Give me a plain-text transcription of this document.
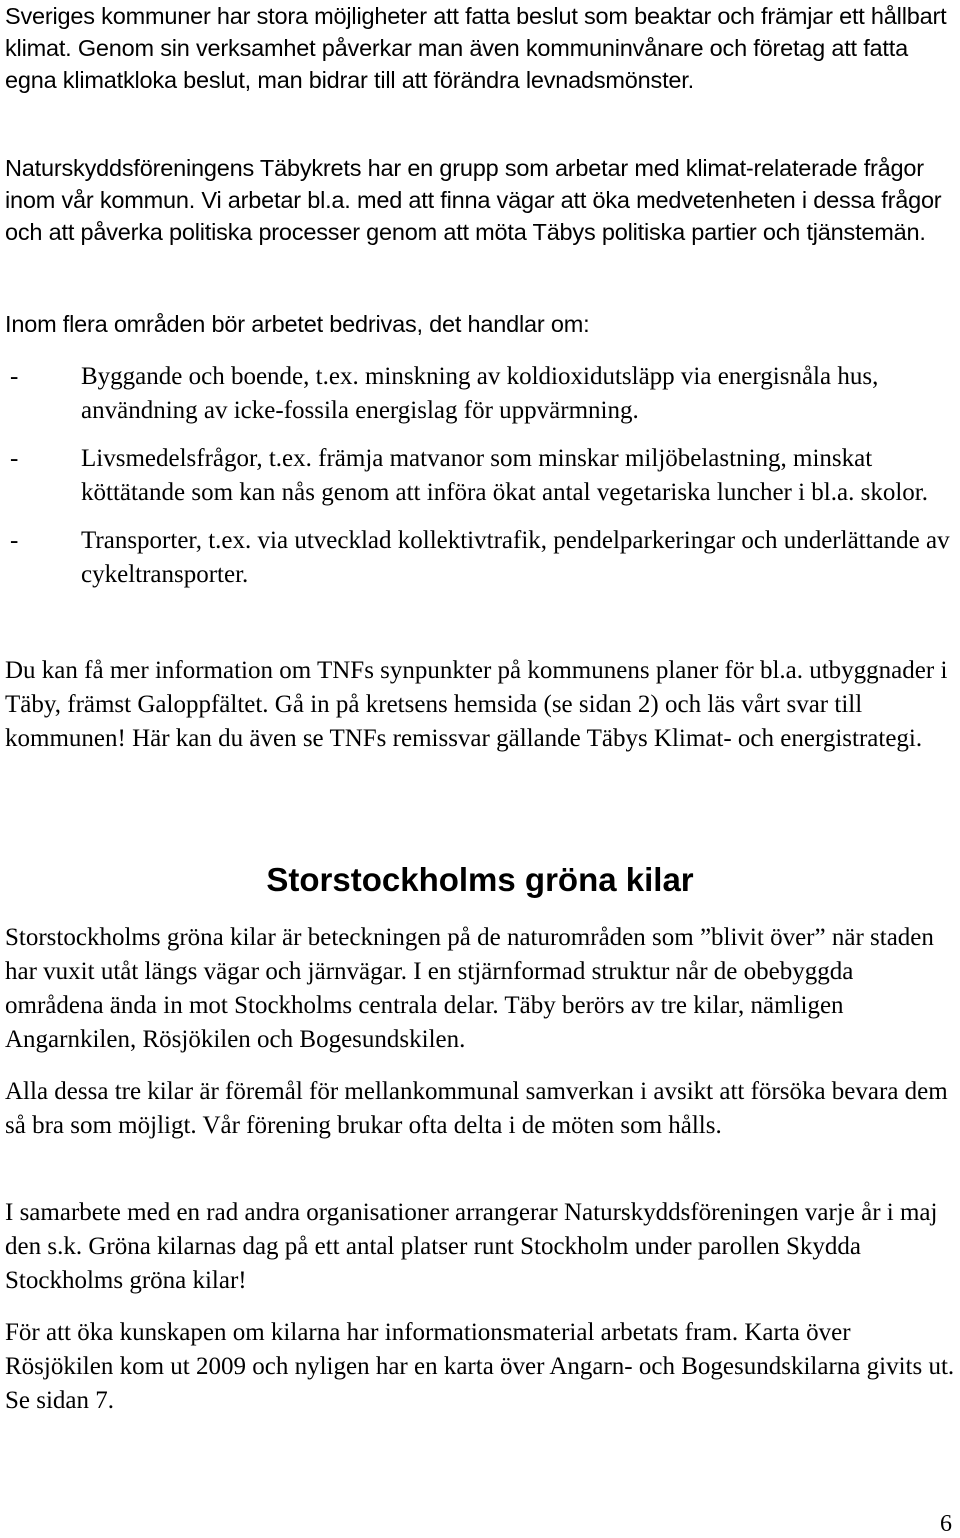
Sveriges kommuner har stora möjligheter att fatta beslut som beaktar och främjar ett hållbart klimat. Genom sin verksamhet påverkar man även kommuninvånare och företag att fatta egna klimatkloka beslut, man bidrar till att förändra levnadsmönster.

Naturskyddsföreningens Täbykrets har en grupp som arbetar med klimat-relaterade frågor inom vår kommun. Vi arbetar bl.a. med att finna vägar att öka medvetenheten i dessa frågor och att påverka politiska processer genom att möta Täbys politiska partier och tjänstemän.

Inom flera områden bör arbetet bedrivas, det handlar om:

-	Byggande och boende, t.ex. minskning av koldioxidutsläpp via energisnåla hus, användning av icke-fossila energislag för uppvärmning.
-	Livsmedelsfrågor, t.ex. främja matvanor som minskar miljöbelastning, minskat köttätande som kan nås genom att införa ökat antal vegetariska luncher i bl.a. skolor.
-	Transporter, t.ex. via utvecklad kollektivtrafik, pendelparkeringar och underlättande av cykeltransporter.

Du kan få mer information om TNFs synpunkter på kommunens planer för bl.a. utbyggnader i Täby, främst Galoppfältet. Gå in på kretsens hemsida (se sidan 2) och läs vårt svar till kommunen! Här kan du även se TNFs remissvar gällande Täbys Klimat- och energistrategi.

Storstockholms gröna kilar

Storstockholms gröna kilar är beteckningen på de naturområden som ”blivit över” när staden har vuxit utåt längs vägar och järnvägar. I en stjärnformad struktur når de obebyggda områdena ända in mot Stockholms centrala delar. Täby berörs av tre kilar, nämligen Angarnkilen, Rösjökilen och Bogesundskilen.

Alla dessa tre kilar är föremål för mellankommunal samverkan i avsikt att försöka bevara dem så bra som möjligt. Vår förening brukar ofta delta i de möten som hålls.

I samarbete med en rad andra organisationer arrangerar Naturskyddsföreningen varje år i maj den s.k. Gröna kilarnas dag på ett antal platser runt Stockholm under parollen Skydda Stockholms gröna kilar!

För att öka kunskapen om kilarna har informationsmaterial arbetats fram. Karta över Rösjökilen kom ut 2009 och nyligen har en karta över Angarn- och Bogesundskilarna givits ut. Se sidan 7.

6
